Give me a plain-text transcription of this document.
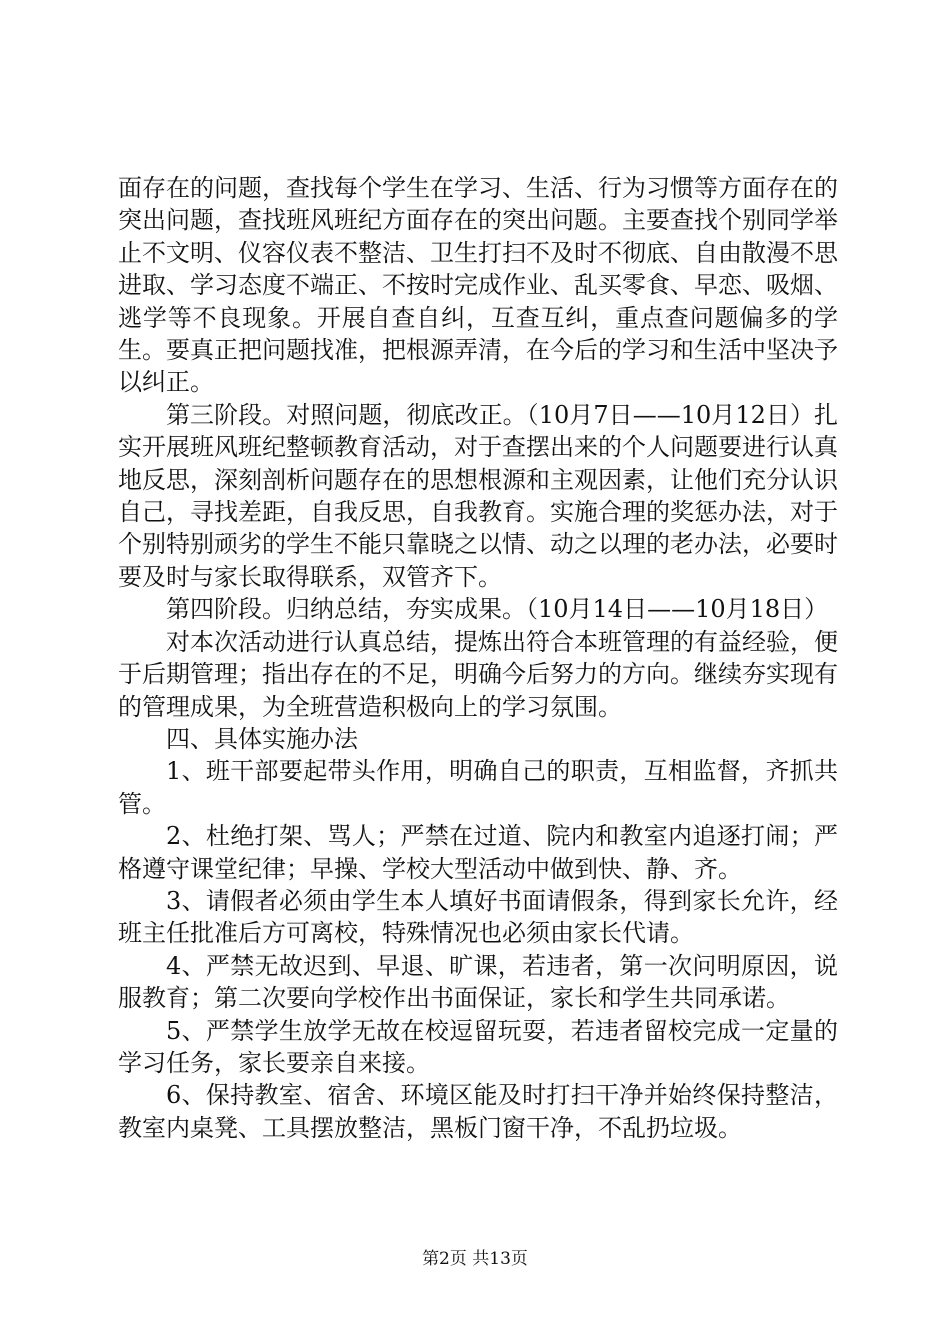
面存在的问题，查找每个学生在学习、生活、行为习惯等方面存在的突出问题，查找班风班纪方面存在的突出问题。主要查找个别同学举止不文明、仪容仪表不整洁、卫生打扫不及时不彻底、自由散漫不思进取、学习态度不端正、不按时完成作业、乱买零食、早恋、吸烟、逃学等不良现象。开展自查自纠，互查互纠，重点查问题偏多的学生。要真正把问题找准，把根源弄清，在今后的学习和生活中坚决予以纠正。

第三阶段。对照问题，彻底改正。（10月7日——10月12日）扎实开展班风班纪整顿教育活动，对于查摆出来的个人问题要进行认真地反思，深刻剖析问题存在的思想根源和主观因素，让他们充分认识自己，寻找差距，自我反思，自我教育。实施合理的奖惩办法，对于个别特别顽劣的学生不能只靠晓之以情、动之以理的老办法，必要时要及时与家长取得联系，双管齐下。

第四阶段。归纳总结，夯实成果。（10月14日——10月18日）

对本次活动进行认真总结，提炼出符合本班管理的有益经验，便于后期管理；指出存在的不足，明确今后努力的方向。继续夯实现有的管理成果，为全班营造积极向上的学习氛围。

四、具体实施办法

1、班干部要起带头作用，明确自己的职责，互相监督，齐抓共管。

2、杜绝打架、骂人；严禁在过道、院内和教室内追逐打闹；严格遵守课堂纪律；早操、学校大型活动中做到快、静、齐。

3、请假者必须由学生本人填好书面请假条，得到家长允许，经班主任批准后方可离校，特殊情况也必须由家长代请。

4、严禁无故迟到、早退、旷课，若违者，第一次问明原因，说服教育；第二次要向学校作出书面保证，家长和学生共同承诺。

5、严禁学生放学无故在校逗留玩耍，若违者留校完成一定量的学习任务，家长要亲自来接。

6、保持教室、宿舍、环境区能及时打扫干净并始终保持整洁，教室内桌凳、工具摆放整洁，黑板门窗干净，不乱扔垃圾。

第2页 共13页
